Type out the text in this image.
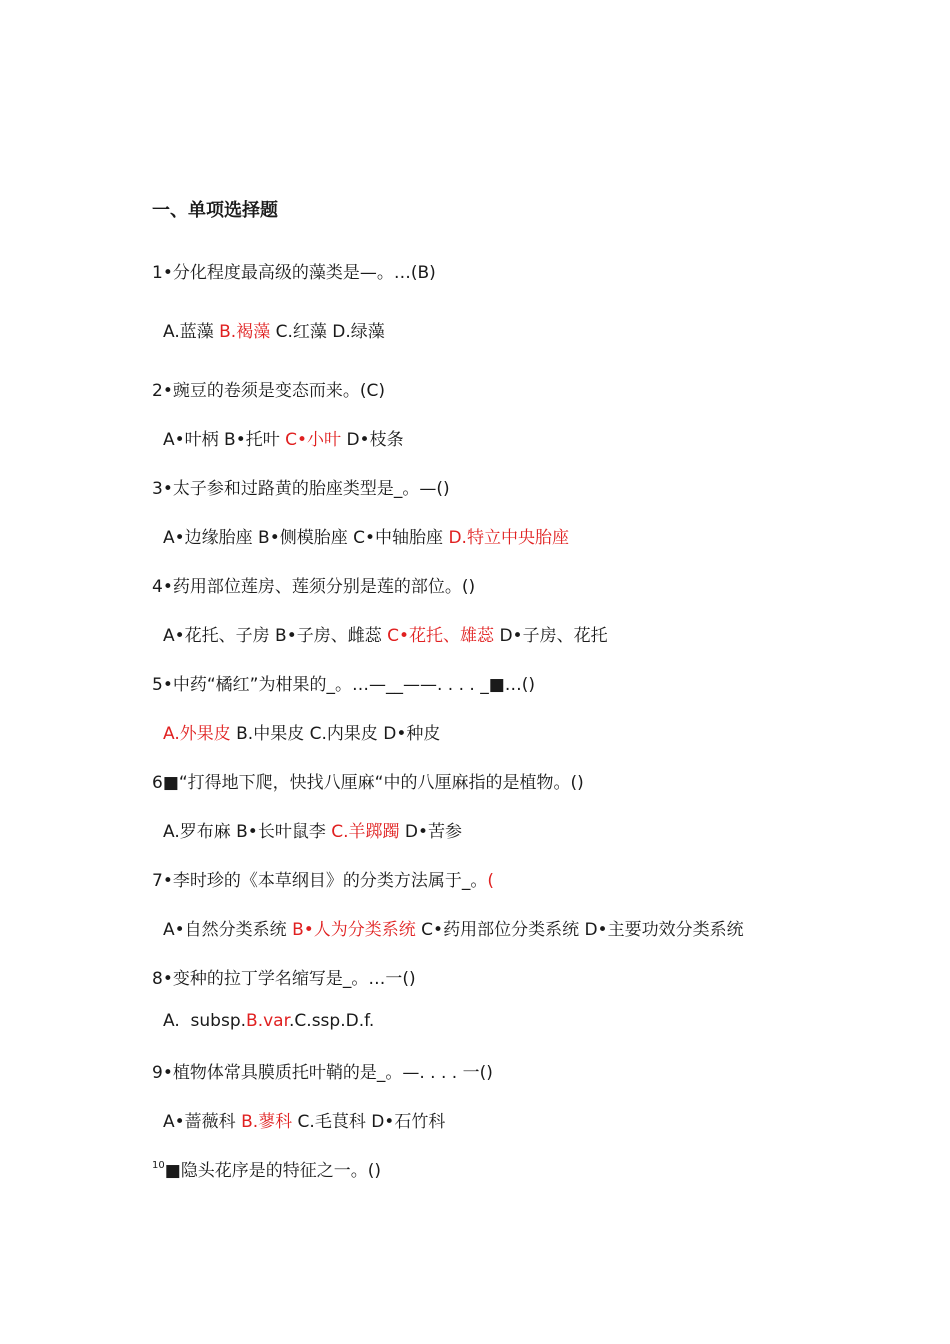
一、单项选择题

1•分化程度最高级的藻类是—。…(B)

A.蓝藻 B.褐藻 C.红藻 D.绿藻

2•豌豆的卷须是变态而来。(C)

A•叶柄 B•托叶 C•小叶 D•枝条

3•太子参和过路黄的胎座类型是_。—()

A•边缘胎座 B•侧模胎座 C•中轴胎座 D.特立中央胎座

4•药用部位莲房、莲须分别是莲的部位。()

A•花托、子房 B•子房、雌蕊 C•花托、雄蕊 D•子房、花托

5•中药“橘红”为柑果的_。…—__——. . . . _■…()

A.外果皮 B.中果皮 C.内果皮 D•种皮

6■“打得地下爬，快找八厘麻“中的八厘麻指的是植物。()

A.罗布麻 B•长叶鼠李 C.羊踯躅 D•苦参

7•李时珍的《本草纲目》的分类方法属于_。(

A•自然分类系统 B•人为分类系统 C•药用部位分类系统 D•主要功效分类系统

8•变种的拉丁学名缩写是_。…一()

A.  subsp.B.var.C.ssp.D.f.

9•植物体常具膜质托叶鞘的是_。—. . . . 一()

A•蔷薇科 B.蓼科 C.毛茛科 D•石竹科

$^{10}$■隐头花序是的特征之一。()
